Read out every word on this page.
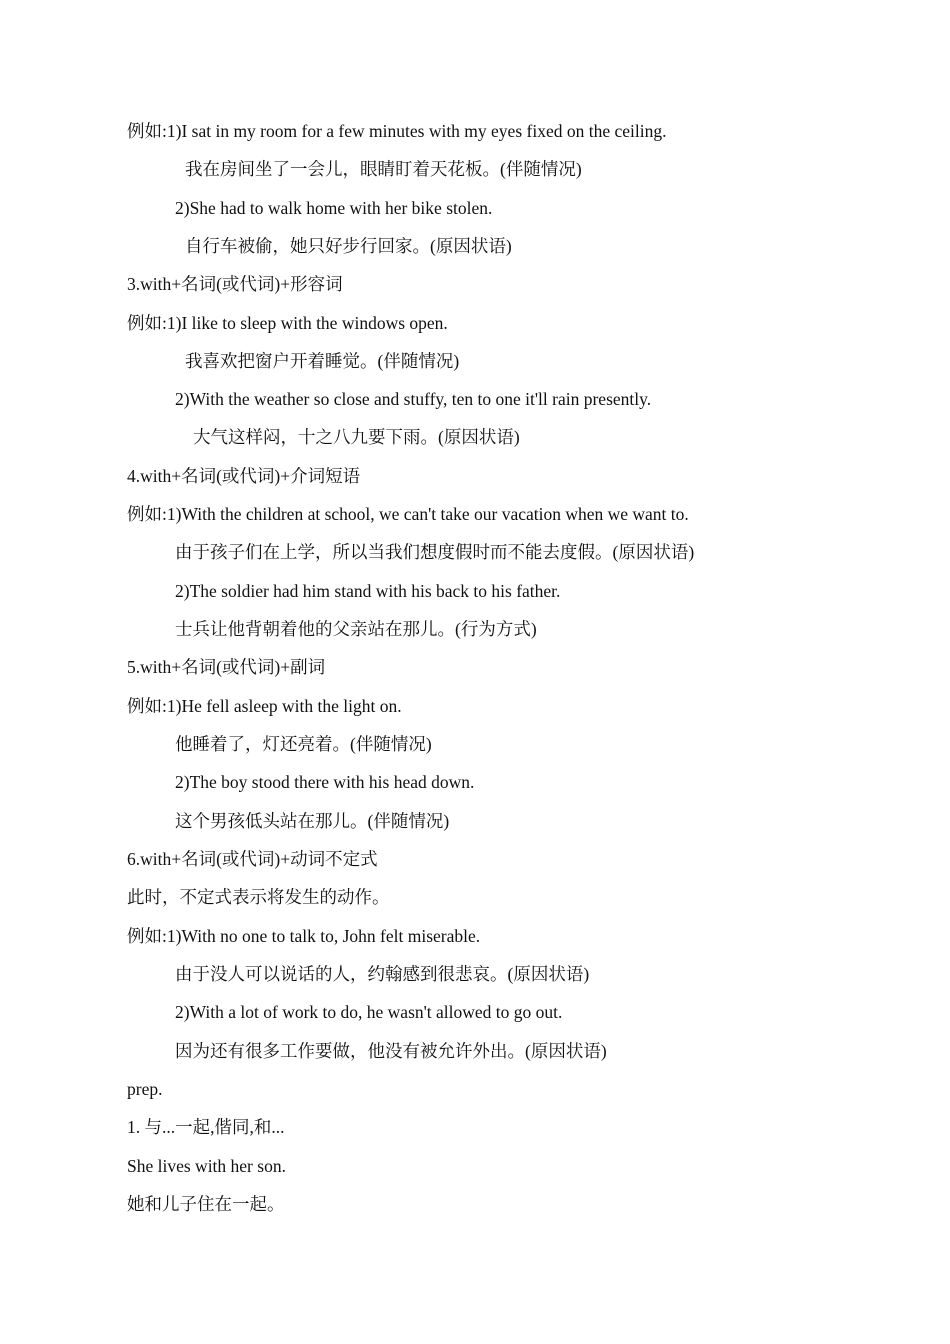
例如:1)I sat in my room for a few minutes with my eyes fixed on the ceiling.
我在房间坐了一会儿，眼睛盯着天花板。(伴随情况)
2)She had to walk home with her bike stolen.
自行车被偷，她只好步行回家。(原因状语)
3.with+名词(或代词)+形容词
例如:1)I like to sleep with the windows open.
我喜欢把窗户开着睡觉。(伴随情况)
2)With the weather so close and stuffy, ten to one it'll rain presently.
大气这样闷，十之八九要下雨。(原因状语)
4.with+名词(或代词)+介词短语
例如:1)With the children at school, we can't take our vacation when we want to.
由于孩子们在上学，所以当我们想度假时而不能去度假。(原因状语)
2)The soldier had him stand with his back to his father.
士兵让他背朝着他的父亲站在那儿。(行为方式)
5.with+名词(或代词)+副词
例如:1)He fell asleep with the light on.
他睡着了，灯还亮着。(伴随情况)
2)The boy stood there with his head down.
这个男孩低头站在那儿。(伴随情况)
6.with+名词(或代词)+动词不定式
此时，不定式表示将发生的动作。
例如:1)With no one to talk to, John felt miserable.
由于没人可以说话的人，约翰感到很悲哀。(原因状语)
2)With a lot of work to do, he wasn't allowed to go out.
因为还有很多工作要做，他没有被允许外出。(原因状语)
prep.
1. 与...一起,偕同,和...
She lives with her son.
她和儿子住在一起。
